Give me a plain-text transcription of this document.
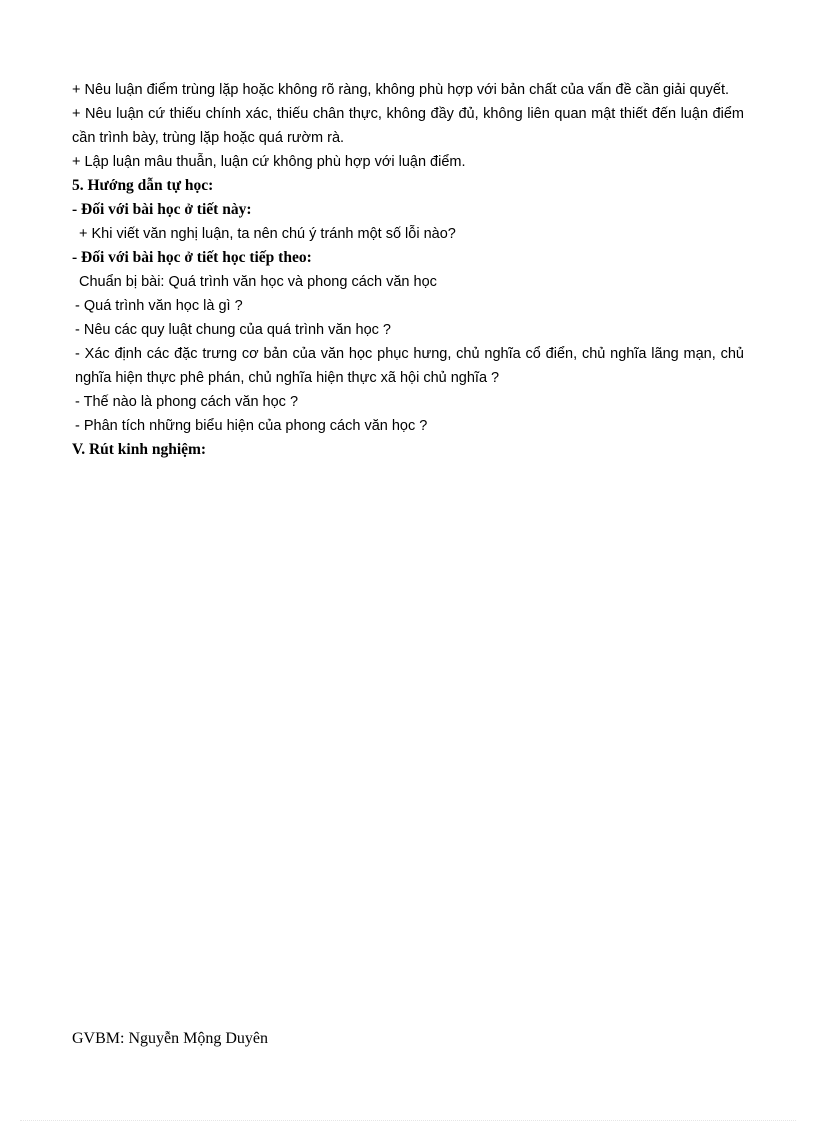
+ Nêu luận điểm trùng lặp hoặc không rõ ràng, không phù hợp với bản chất của vấn đề cần giải quyết.

+ Nêu luận cứ thiếu chính xác, thiếu chân thực, không đầy đủ, không liên quan mật thiết đến luận điểm cần trình bày, trùng lặp hoặc quá rườm rà.

+ Lập luận mâu thuẫn, luận cứ không phù hợp với luận điểm.

5. Hướng dẫn tự học:

- Đối với bài học ở tiết này:

+ Khi viết văn nghị luận, ta nên chú ý tránh một số lỗi nào?

- Đối với bài học ở tiết học tiếp theo:

Chuẩn bị bài: Quá trình văn học và phong cách văn học

- Quá trình văn học là gì ?

- Nêu các quy luật chung của quá trình văn học ?

- Xác định các đặc trưng cơ bản của văn học phục hưng, chủ nghĩa cổ điển, chủ nghĩa lãng mạn, chủ nghĩa hiện thực phê phán, chủ nghĩa hiện thực xã hội chủ nghĩa ?

- Thế nào là phong cách văn học ?

- Phân tích những biểu hiện của phong cách văn học ?

V. Rút kinh nghiệm:

GVBM: Nguyễn Mộng Duyên
